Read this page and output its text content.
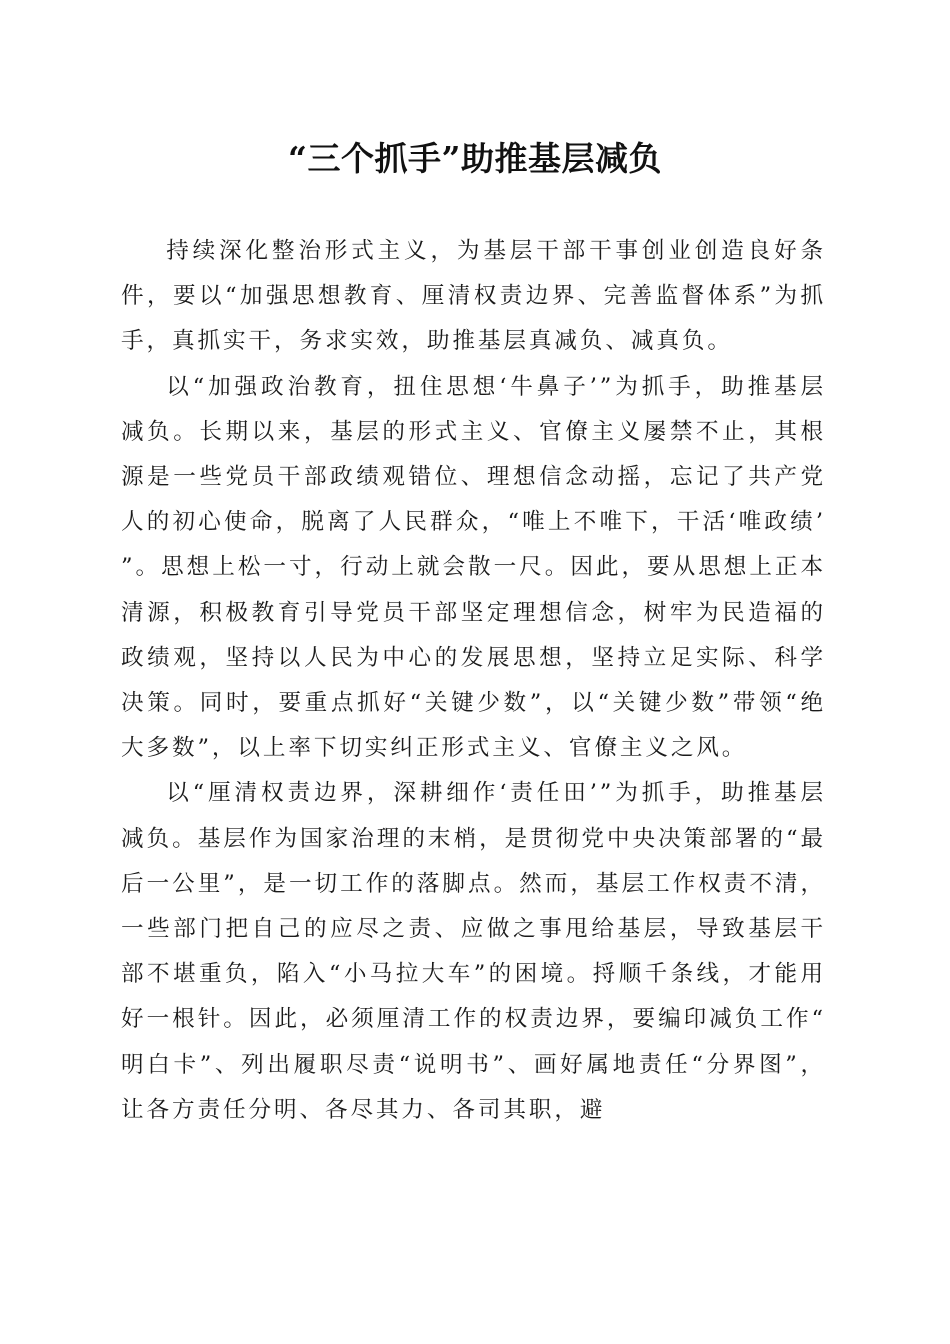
“三个抓手”助推基层减负

持续深化整治形式主义，为基层干部干事创业创造良好条件，要以“加强思想教育、厘清权责边界、完善监督体系”为抓手，真抓实干，务求实效，助推基层真减负、减真负。

以“加强政治教育，扭住思想‘牛鼻子’”为抓手，助推基层减负。长期以来，基层的形式主义、官僚主义屡禁不止，其根源是一些党员干部政绩观错位、理想信念动摇，忘记了共产党人的初心使命，脱离了人民群众，“唯上不唯下，干活‘唯政绩’”。思想上松一寸，行动上就会散一尺。因此，要从思想上正本清源，积极教育引导党员干部坚定理想信念，树牢为民造福的政绩观，坚持以人民为中心的发展思想，坚持立足实际、科学决策。同时，要重点抓好“关键少数”，以“关键少数”带领“绝大多数”，以上率下切实纠正形式主义、官僚主义之风。

以“厘清权责边界，深耕细作‘责任田’”为抓手，助推基层减负。基层作为国家治理的末梢，是贯彻党中央决策部署的“最后一公里”，是一切工作的落脚点。然而，基层工作权责不清，一些部门把自己的应尽之责、应做之事甩给基层，导致基层干部不堪重负，陷入“小马拉大车”的困境。捋顺千条线，才能用好一根针。因此，必须厘清工作的权责边界，要编印减负工作“明白卡”、列出履职尽责“说明书”、画好属地责任“分界图”，让各方责任分明、各尽其力、各司其职，避
